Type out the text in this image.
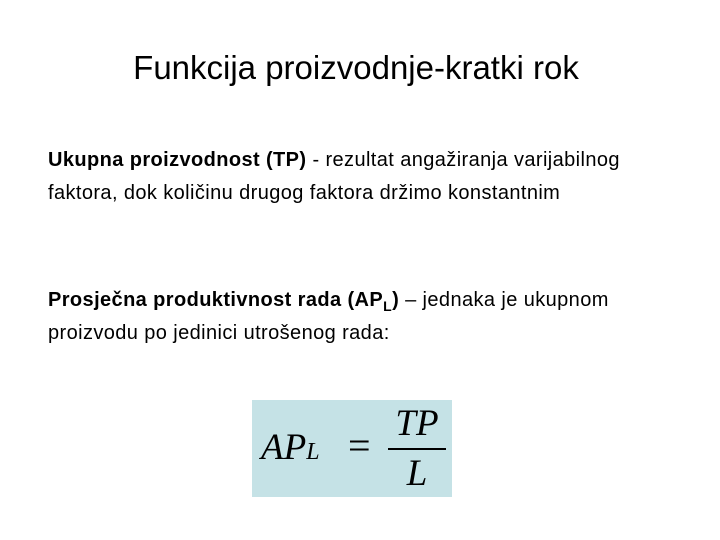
Funkcija proizvodnje-kratki rok
Ukupna proizvodnost (TP) - rezultat angažiranja varijabilnog faktora, dok količinu drugog faktora držimo konstantnim
Prosječna produktivnost rada $(AP_L)$ – jednaka je ukupnom proizvodu po jedinici utrošenog rada:
APL = TP
L
